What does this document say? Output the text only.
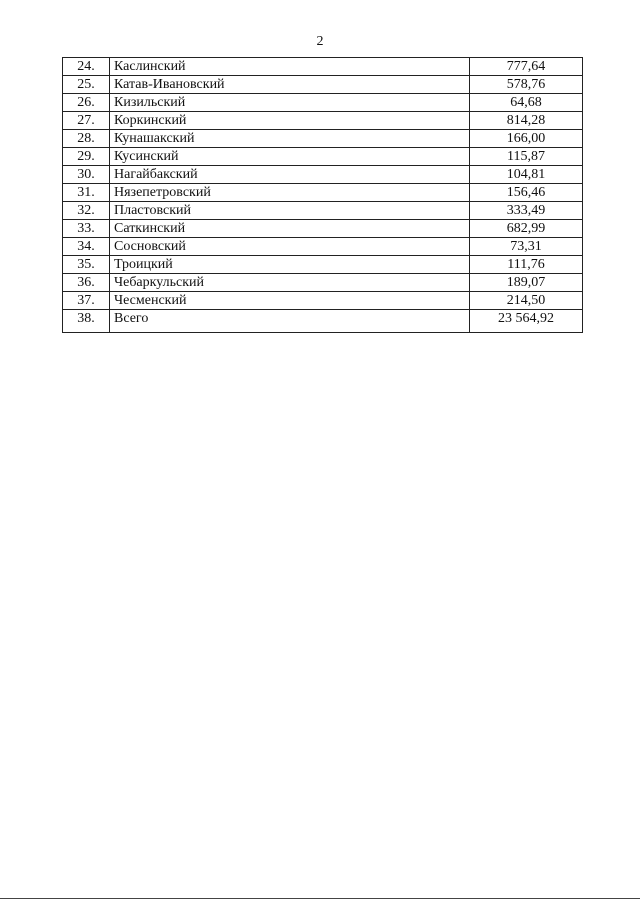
2
24.	Каслинский	777,64
25.	Катав-Ивановский	578,76
26.	Кизильский	64,68
27.	Коркинский	814,28
28.	Кунашакский	166,00
29.	Кусинский	115,87
30.	Нагайбакский	104,81
31.	Нязепетровский	156,46
32.	Пластовский	333,49
33.	Саткинский	682,99
34.	Сосновский	73,31
35.	Троицкий	111,76
36.	Чебаркульский	189,07
37.	Чесменский	214,50
38.	Всего	23 564,92
